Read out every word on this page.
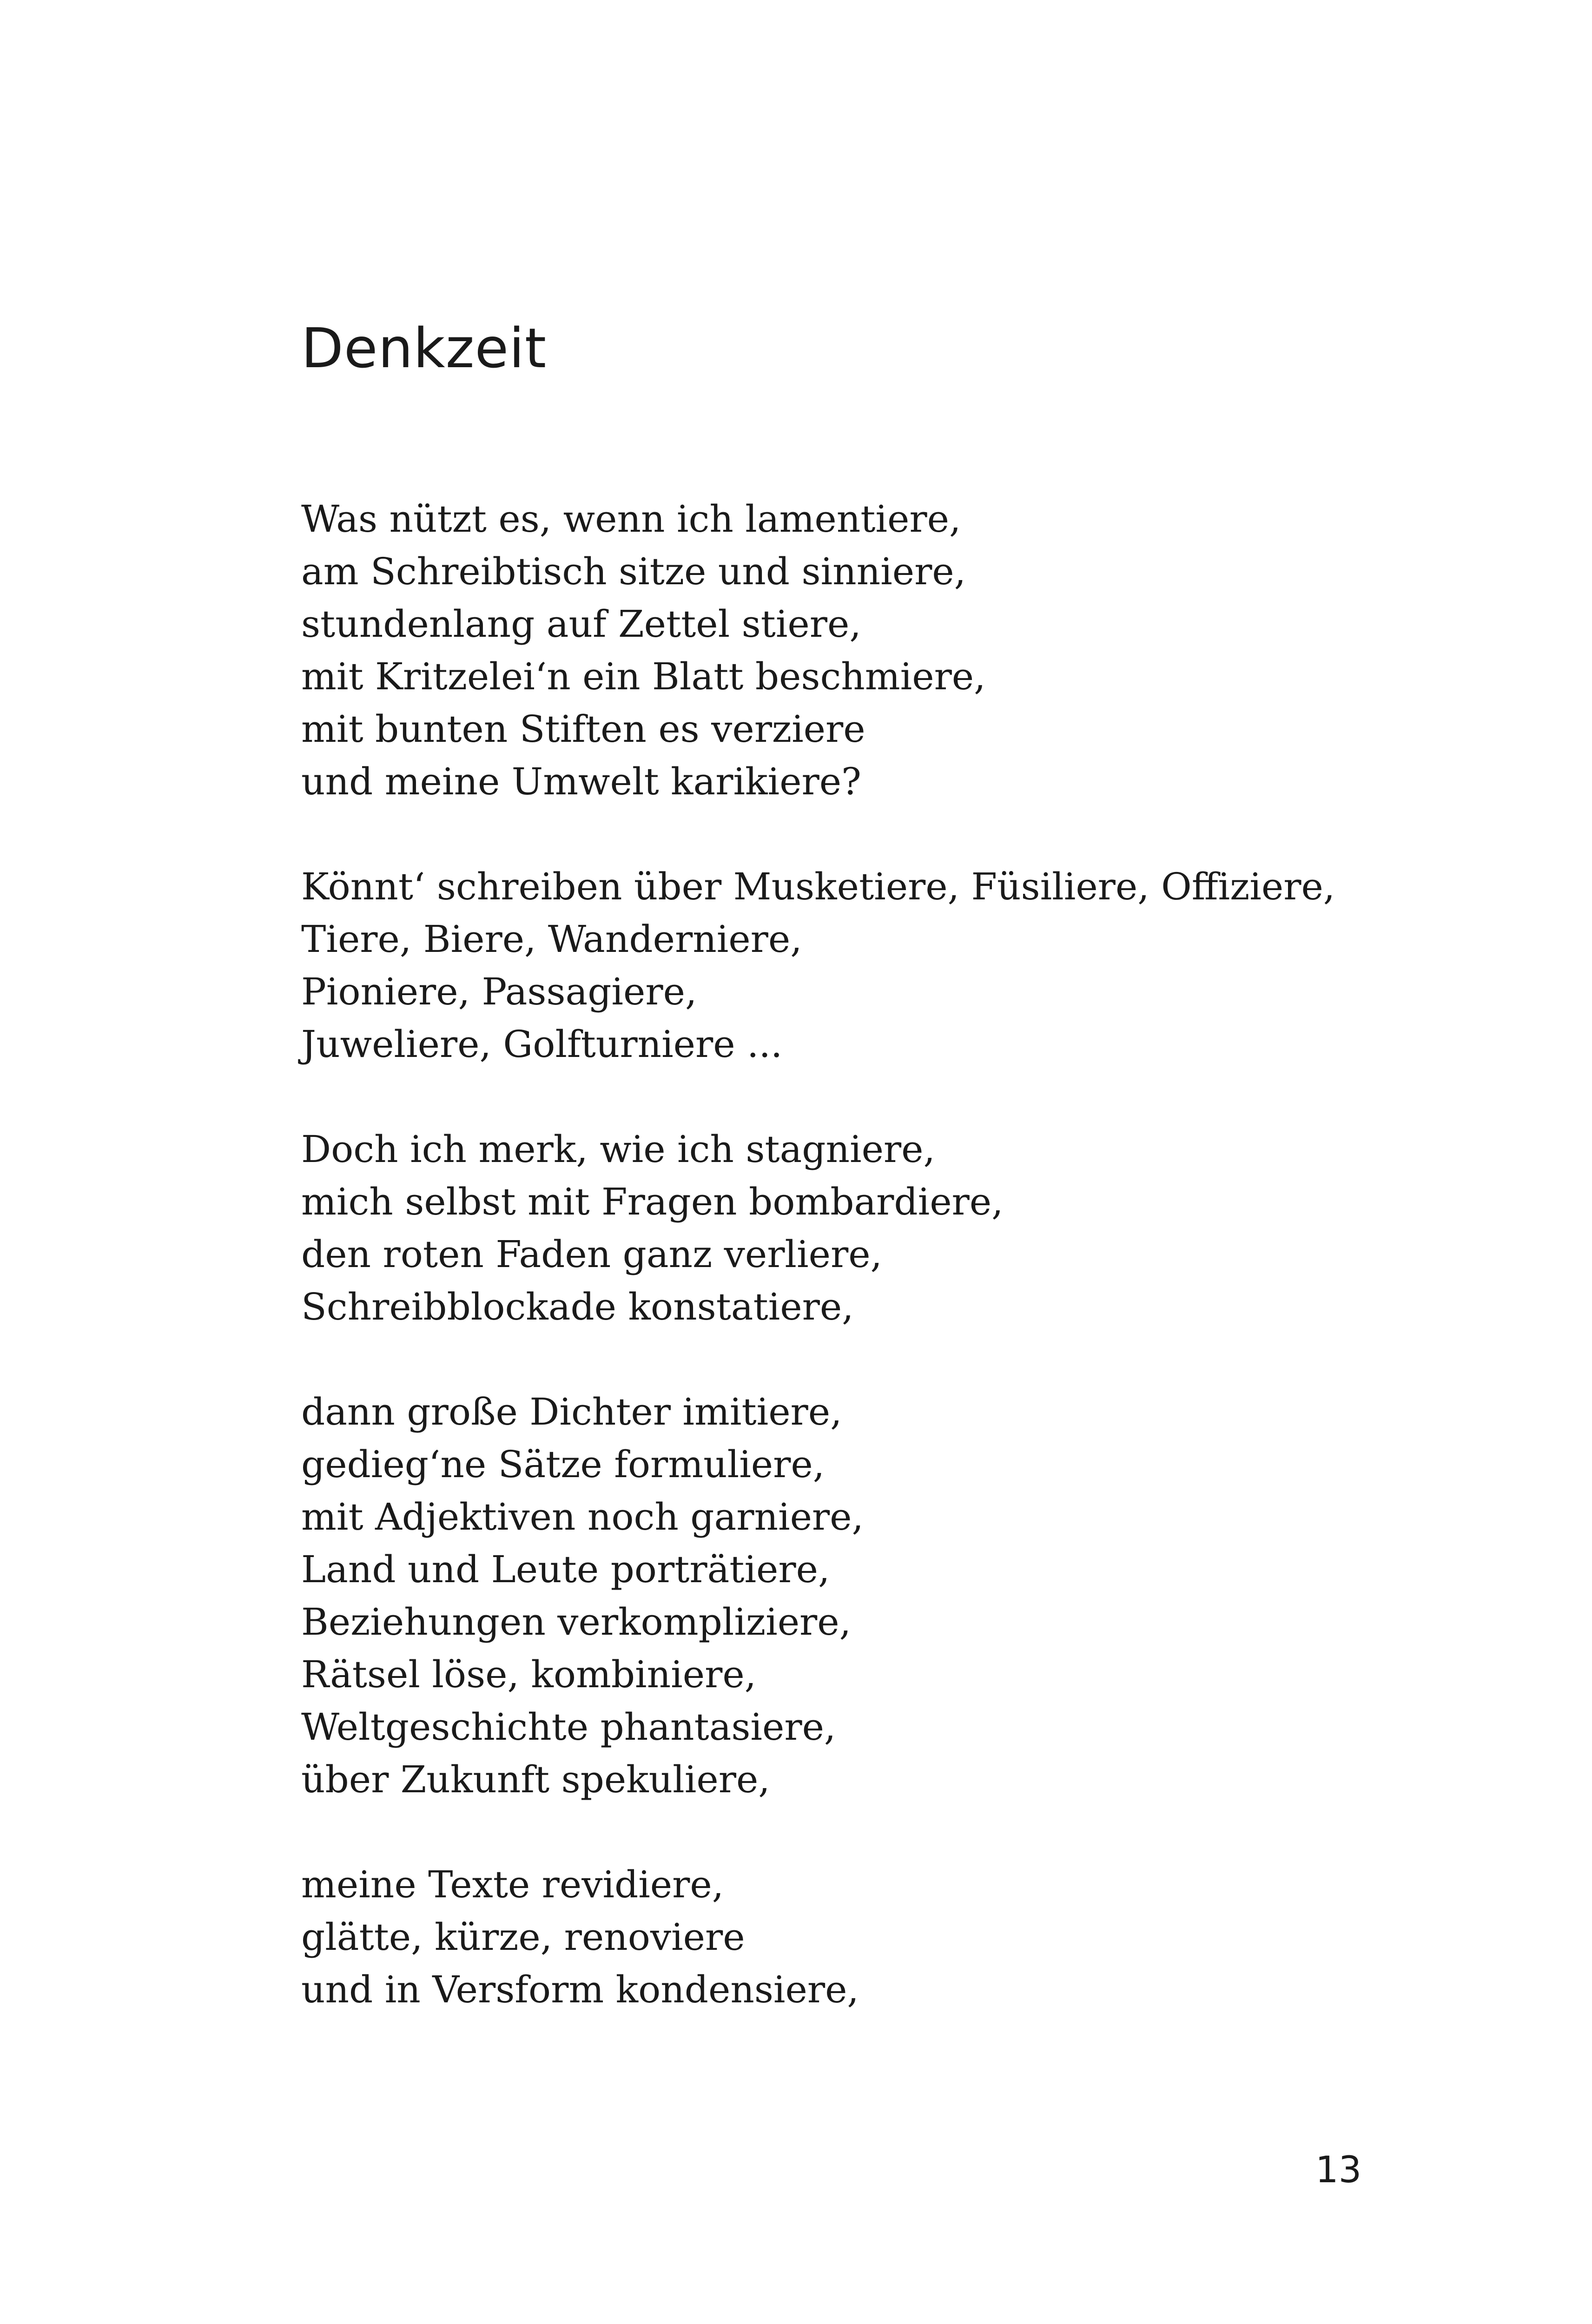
Denkzeit
Was nützt es, wenn ich lamentiere,
am Schreibtisch sitze und sinniere,
stundenlang auf Zettel stiere,
mit Kritzelei‘n ein Blatt beschmiere,
mit bunten Stiften es verziere
und meine Umwelt karikiere?
Könnt‘ schreiben über Musketiere, Füsiliere, Offiziere,
Tiere, Biere, Wanderniere,
Pioniere, Passagiere,
Juweliere, Golfturniere ...
Doch ich merk, wie ich stagniere,
mich selbst mit Fragen bombardiere,
den roten Faden ganz verliere,
Schreibblockade konstatiere,
dann große Dichter imitiere,
gedieg‘ne Sätze formuliere,
mit Adjektiven noch garniere,
Land und Leute porträtiere,
Beziehungen verkompliziere,
Rätsel löse, kombiniere,
Weltgeschichte phantasiere,
über Zukunft spekuliere,
meine Texte revidiere,
glätte, kürze, renoviere
und in Versform kondensiere,
13
